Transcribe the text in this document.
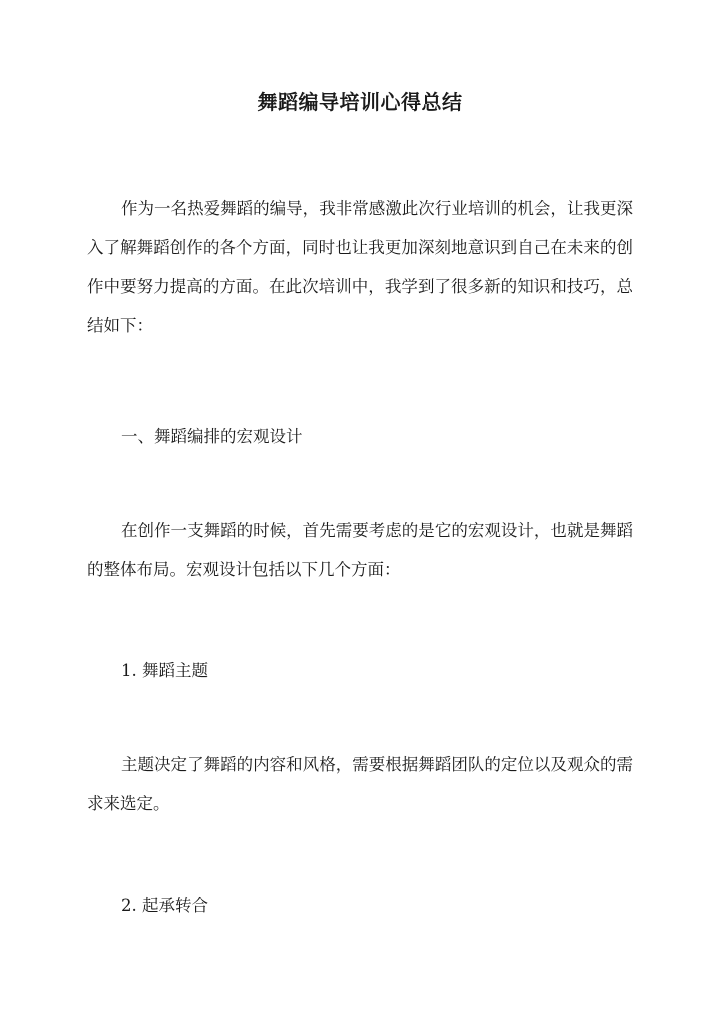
舞蹈编导培训心得总结

作为一名热爱舞蹈的编导，我非常感激此次行业培训的机会，让我更深入了解舞蹈创作的各个方面，同时也让我更加深刻地意识到自己在未来的创作中要努力提高的方面。在此次培训中，我学到了很多新的知识和技巧，总结如下：

一、舞蹈编排的宏观设计

在创作一支舞蹈的时候，首先需要考虑的是它的宏观设计，也就是舞蹈的整体布局。宏观设计包括以下几个方面：

1. 舞蹈主题

主题决定了舞蹈的内容和风格，需要根据舞蹈团队的定位以及观众的需求来选定。

2. 起承转合
